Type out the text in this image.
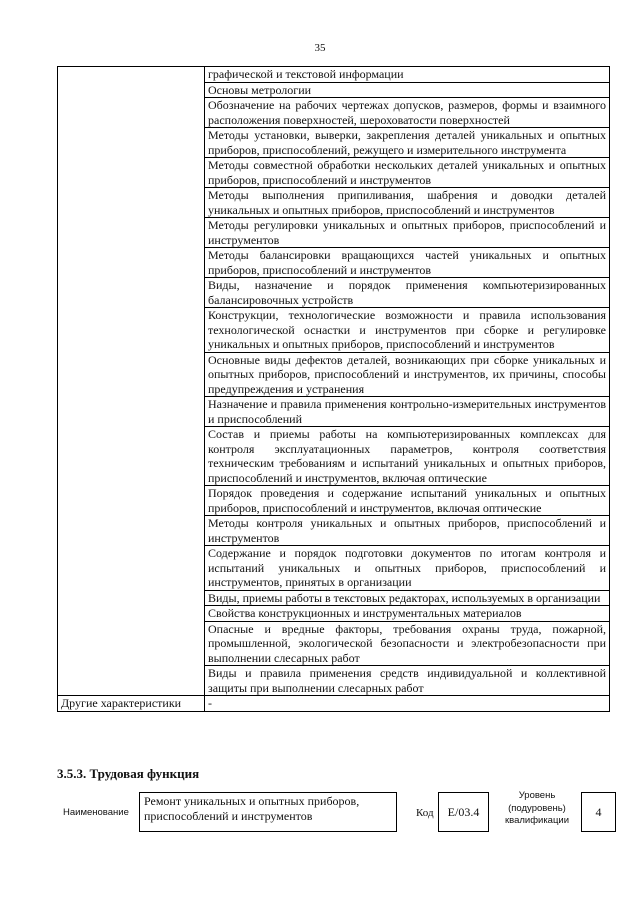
35
	графической и текстовой информации
	Основы метрологии
	Обозначение на рабочих чертежах допусков, размеров, формы и взаимного расположения поверхностей, шероховатости поверхностей
	Методы установки, выверки, закрепления деталей уникальных и опытных приборов, приспособлений, режущего и измерительного инструмента
	Методы совместной обработки нескольких деталей уникальных и опытных приборов, приспособлений и инструментов
	Методы выполнения припиливания, шабрения и доводки деталей уникальных и опытных приборов, приспособлений и инструментов
	Методы регулировки уникальных и опытных приборов, приспособлений и инструментов
	Методы балансировки вращающихся частей уникальных и опытных приборов, приспособлений и инструментов
	Виды, назначение и порядок применения компьютеризированных балансировочных устройств
	Конструкции, технологические возможности и правила использования технологической оснастки и инструментов при сборке и регулировке уникальных и опытных приборов, приспособлений и инструментов
	Основные виды дефектов деталей, возникающих при сборке уникальных и опытных приборов, приспособлений и инструментов, их причины, способы предупреждения и устранения
	Назначение и правила применения контрольно-измерительных инструментов и приспособлений
	Состав и приемы работы на компьютеризированных комплексах для контроля эксплуатационных параметров, контроля соответствия техническим требованиям и испытаний уникальных и опытных приборов, приспособлений и инструментов, включая оптические
	Порядок проведения и содержание испытаний уникальных и опытных приборов, приспособлений и инструментов, включая оптические
	Методы контроля уникальных и опытных приборов, приспособлений и инструментов
	Содержание и порядок подготовки документов по итогам контроля и испытаний уникальных и опытных приборов, приспособлений и инструментов, принятых в организации
	Виды, приемы работы в текстовых редакторах, используемых в организации
	Свойства конструкционных и инструментальных материалов
	Опасные и вредные факторы, требования охраны труда, пожарной, промышленной, экологической безопасности и электробезопасности при выполнении слесарных работ
	Виды и правила применения средств индивидуальной и коллективной защиты при выполнении слесарных работ
Другие характеристики	-
3.5.3. Трудовая функция
Наименование
Ремонт уникальных и опытных приборов, приспособлений и инструментов	Код	E/03.4
Уровень (подуровень) квалификации
4
